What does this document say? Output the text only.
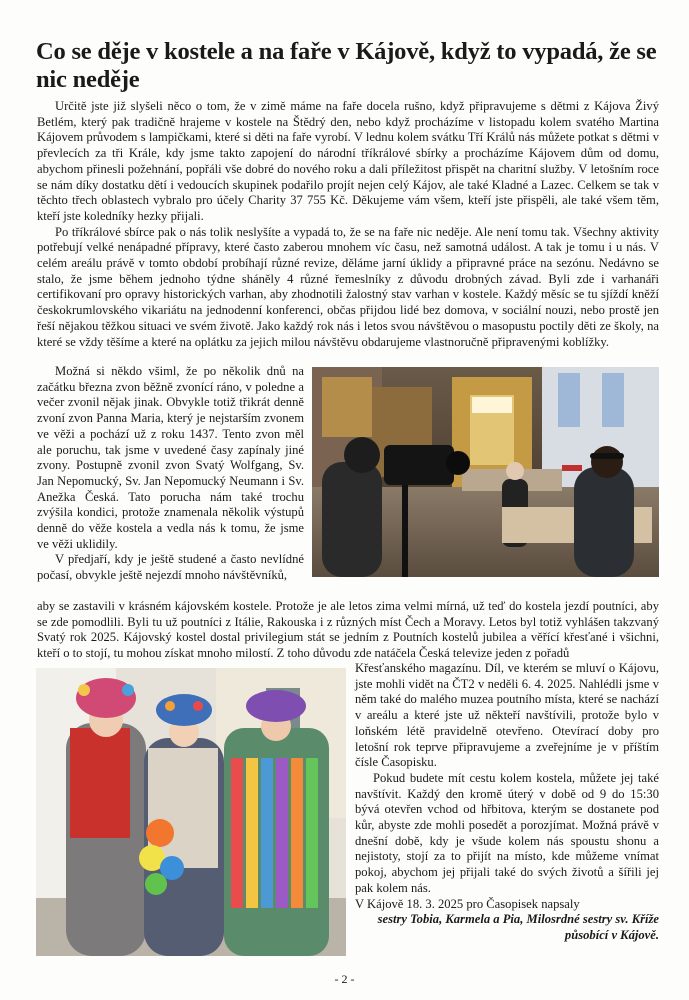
Co se děje v kostele a na faře v Kájově, když to vypadá, že se nic neděje

Určitě jste již slyšeli něco o tom, že v zimě máme na faře docela rušno, když připravujeme s dětmi z Kájova Živý Betlém, který pak tradičně hrajeme v kostele na Štědrý den, nebo když procházíme v listopadu kolem svatého Martina Kájovem průvodem s lampičkami, které si děti na faře vyrobí. V lednu kolem svátku Tří Králů nás můžete potkat s dětmi v převlecích za tři Krále, kdy jsme takto zapojení do národní tříkrálové sbírky a procházíme Kájovem dům od domu, abychom přinesli požehnání, popřáli vše dobré do nového roku a dali příležitost přispět na charitní služby. V letošním roce se nám díky dostatku dětí i vedoucích skupinek podařilo projít nejen celý Kájov, ale také Kladné a Lazec. Celkem se tak v těchto třech oblastech vybralo pro účely Charity 37 755 Kč. Děkujeme vám všem, kteří jste přispěli, ale také všem těm, kteří jste koledníky hezky přijali.

Po tříkrálové sbírce pak o nás tolik neslyšíte a vypadá to, že se na faře nic neděje. Ale není tomu tak. Všechny aktivity potřebují velké nenápadné přípravy, které často zaberou mnohem víc času, než samotná událost. A tak je tomu i u nás. V celém areálu právě v tomto období probíhají různé revize, děláme jarní úklidy a připravné práce na sezónu. Nedávno se stalo, že jsme během jednoho týdne sháněly 4 různé řemeslníky z důvodu drobných závad. Byli zde i varhanáři certifikovaní pro opravy historických varhan, aby zhodnotili žalostný stav varhan v kostele. Každý měsíc se tu sjíždí kněží českokrumlovského vikariátu na jednodenní konferenci, občas přijdou lidé bez domova, v sociální nouzi, nebo prostě jen řeší nějakou těžkou situaci ve svém životě. Jako každý rok nás i letos svou návštěvou o masopustu poctily děti ze školy, na které se vždy těšíme a které na oplátku za jejich milou návštěvu obdarujeme vlastnoručně připravenými koblížky.

Možná si někdo všiml, že po několik dnů na začátku března zvon běžně zvonící ráno, v poledne a večer zvonil nějak jinak. Obvykle totiž třikrát denně zvoní zvon Panna Maria, který je nejstarším zvonem ve věži a pochází už z roku 1437. Tento zvon měl ale poruchu, tak jsme v uvedené časy zapínaly jiné zvony. Postupně zvonil zvon Svatý Wolfgang, Sv. Jan Nepomucký, Sv. Jan Nepomucký Neumann i Sv. Anežka Česká. Tato porucha nám také trochu zvýšila kondici, protože znamenala několik výstupů denně do věže kostela a vedla nás k tomu, že jsme ve věži uklidily.

V předjaří, kdy je ještě studené a často nevlídné počasí, obvykle ještě nejezdí mnoho návštěvníků,

aby se zastavili v krásném kájovském kostele. Protože je ale letos zima velmi mírná, už teď do kostela jezdí poutníci, aby se zde pomodlili. Byli tu už poutníci z Itálie, Rakouska i z různých míst Čech a Moravy. Letos byl totiž vyhlášen takzvaný Svatý rok 2025. Kájovský kostel dostal privilegium stát se jedním z Poutních kostelů jubilea a věřící křesťané i všichni, kteří o to stojí, tu mohou získat mnoho milostí. Z toho důvodu zde natáčela Česká televize jeden z pořadů

Křesťanského magazínu. Díl, ve kterém se mluví o Kájovu, jste mohli vidět na ČT2 v neděli 6. 4. 2025. Nahlédli jsme v něm také do malého muzea poutního místa, které se nachází v areálu a které jste už někteří navštívili, protože bylo v loňském létě pravidelně otevřeno. Otevírací doby pro letošní rok teprve připravujeme a zveřejníme je v příštím čísle Časopisku.

Pokud budete mít cestu kolem kostela, můžete jej také navštívit. Každý den kromě úterý v době od 9 do 15:30 bývá otevřen vchod od hřbitova, kterým se dostanete pod kůr, abyste zde mohli posedět a porozjímat. Možná právě v dnešní době, kdy je všude kolem nás spoustu shonu a nejistoty, stojí za to přijít na místo, kde můžeme vnímat pokoj, abychom jej přijali také do svých životů a šířili jej pak kolem nás.

V Kájově 18. 3. 2025 pro Časopisek napsaly

sestry Tobia, Karmela a Pia, Milosrdné sestry sv. Kříže

působící v Kájově.

- 2 -
